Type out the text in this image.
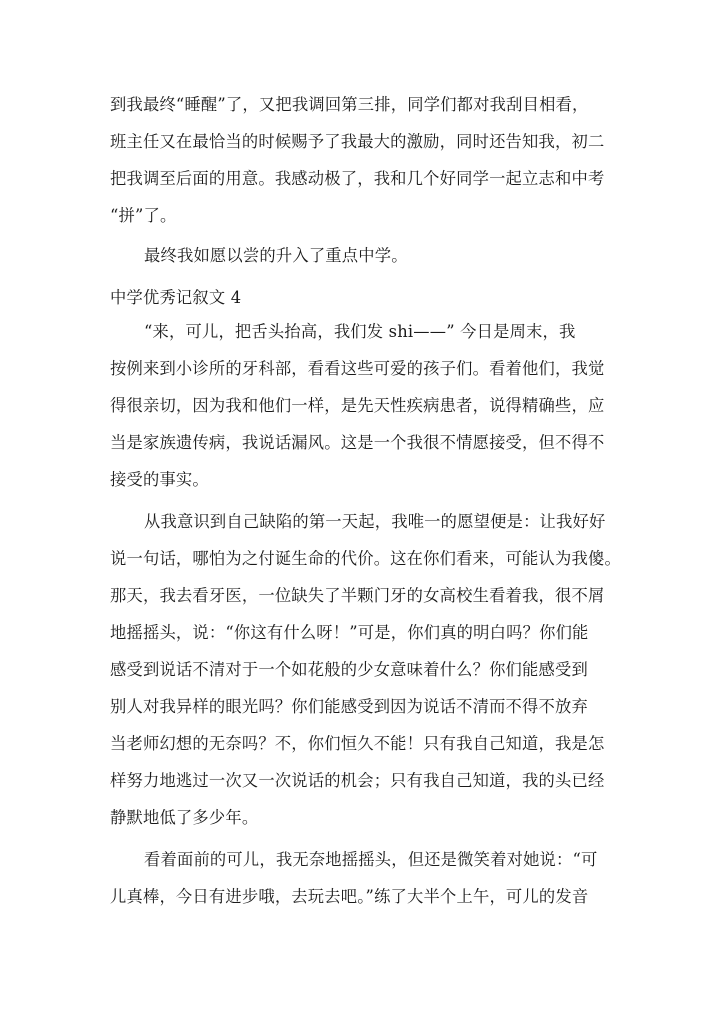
到我最终“睡醒”了，又把我调回第三排，同学们都对我刮目相看，
班主任又在最恰当的时候赐予了我最大的激励，同时还告知我，初二
把我调至后面的用意。我感动极了，我和几个好同学一起立志和中考
“拼”了。
最终我如愿以尝的升入了重点中学。
中学优秀记叙文 4
“来，可儿，把舌头抬高，我们发 shi——” 今日是周末，我
按例来到小诊所的牙科部，看看这些可爱的孩子们。看着他们，我觉
得很亲切，因为我和他们一样，是先天性疾病患者，说得精确些，应
当是家族遗传病，我说话漏风。这是一个我很不情愿接受，但不得不
接受的事实。
从我意识到自己缺陷的第一天起，我唯一的愿望便是：让我好好
说一句话，哪怕为之付诞生命的代价。这在你们看来，可能认为我傻。
那天，我去看牙医，一位缺失了半颗门牙的女高校生看着我，很不屑
地摇摇头，说：“你这有什么呀！”可是，你们真的明白吗？你们能
感受到说话不清对于一个如花般的少女意味着什么？你们能感受到
别人对我异样的眼光吗？你们能感受到因为说话不清而不得不放弃
当老师幻想的无奈吗？不，你们恒久不能！只有我自己知道，我是怎
样努力地逃过一次又一次说话的机会；只有我自己知道，我的头已经
静默地低了多少年。
看着面前的可儿，我无奈地摇摇头，但还是微笑着对她说：“可
儿真棒，今日有进步哦，去玩去吧。”练了大半个上午，可儿的发音
